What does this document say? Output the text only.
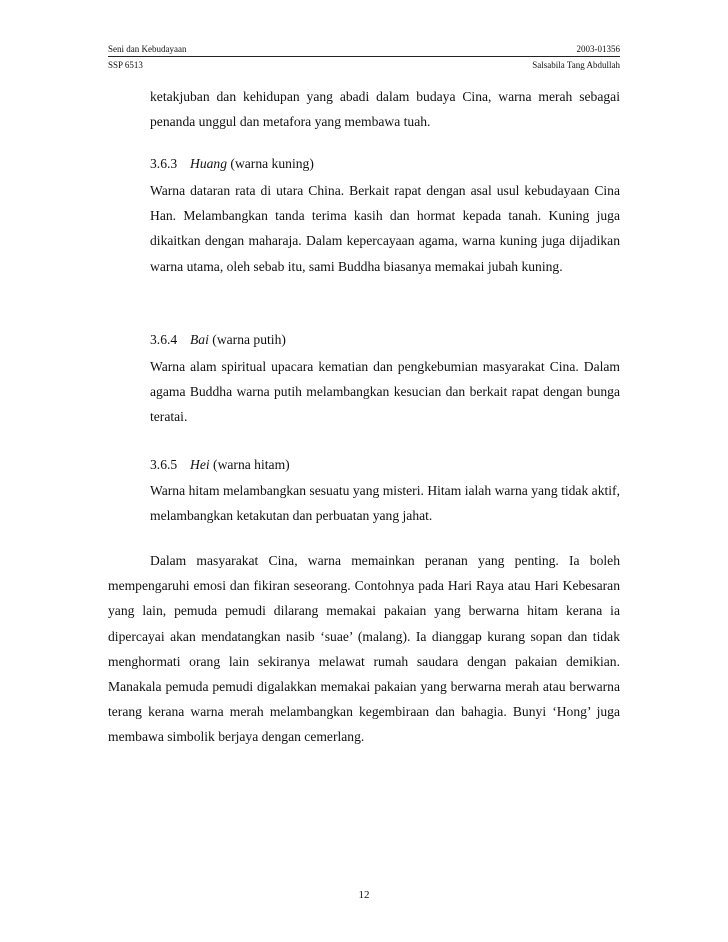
Seni dan Kebudayaan	2003-01356
SSP 6513	Salsabila Tang Abdullah
ketakjuban dan kehidupan yang abadi dalam budaya Cina, warna merah sebagai penanda unggul dan metafora yang membawa tuah.
3.6.3 Huang (warna kuning)
Warna dataran rata di utara China. Berkait rapat dengan asal usul kebudayaan Cina Han. Melambangkan tanda terima kasih dan hormat kepada tanah. Kuning juga dikaitkan dengan maharaja. Dalam kepercayaan agama, warna kuning juga dijadikan warna utama, oleh sebab itu, sami Buddha biasanya memakai jubah kuning.
3.6.4 Bai (warna putih)
Warna alam spiritual upacara kematian dan pengkebumian masyarakat Cina. Dalam agama Buddha warna putih melambangkan kesucian dan berkait rapat dengan bunga teratai.
3.6.5 Hei (warna hitam)
Warna hitam melambangkan sesuatu yang misteri. Hitam ialah warna yang tidak aktif, melambangkan ketakutan dan perbuatan yang jahat.
Dalam masyarakat Cina, warna memainkan peranan yang penting. Ia boleh mempengaruhi emosi dan fikiran seseorang. Contohnya pada Hari Raya atau Hari Kebesaran yang lain, pemuda pemudi dilarang memakai pakaian yang berwarna hitam kerana ia dipercayai akan mendatangkan nasib ‘suae’ (malang). Ia dianggap kurang sopan dan tidak menghormati orang lain sekiranya melawat rumah saudara dengan pakaian demikian. Manakala pemuda pemudi digalakkan memakai pakaian yang berwarna merah atau berwarna terang kerana warna merah melambangkan kegembiraan dan bahagia. Bunyi ‘Hong’ juga membawa simbolik berjaya dengan cemerlang.
12
